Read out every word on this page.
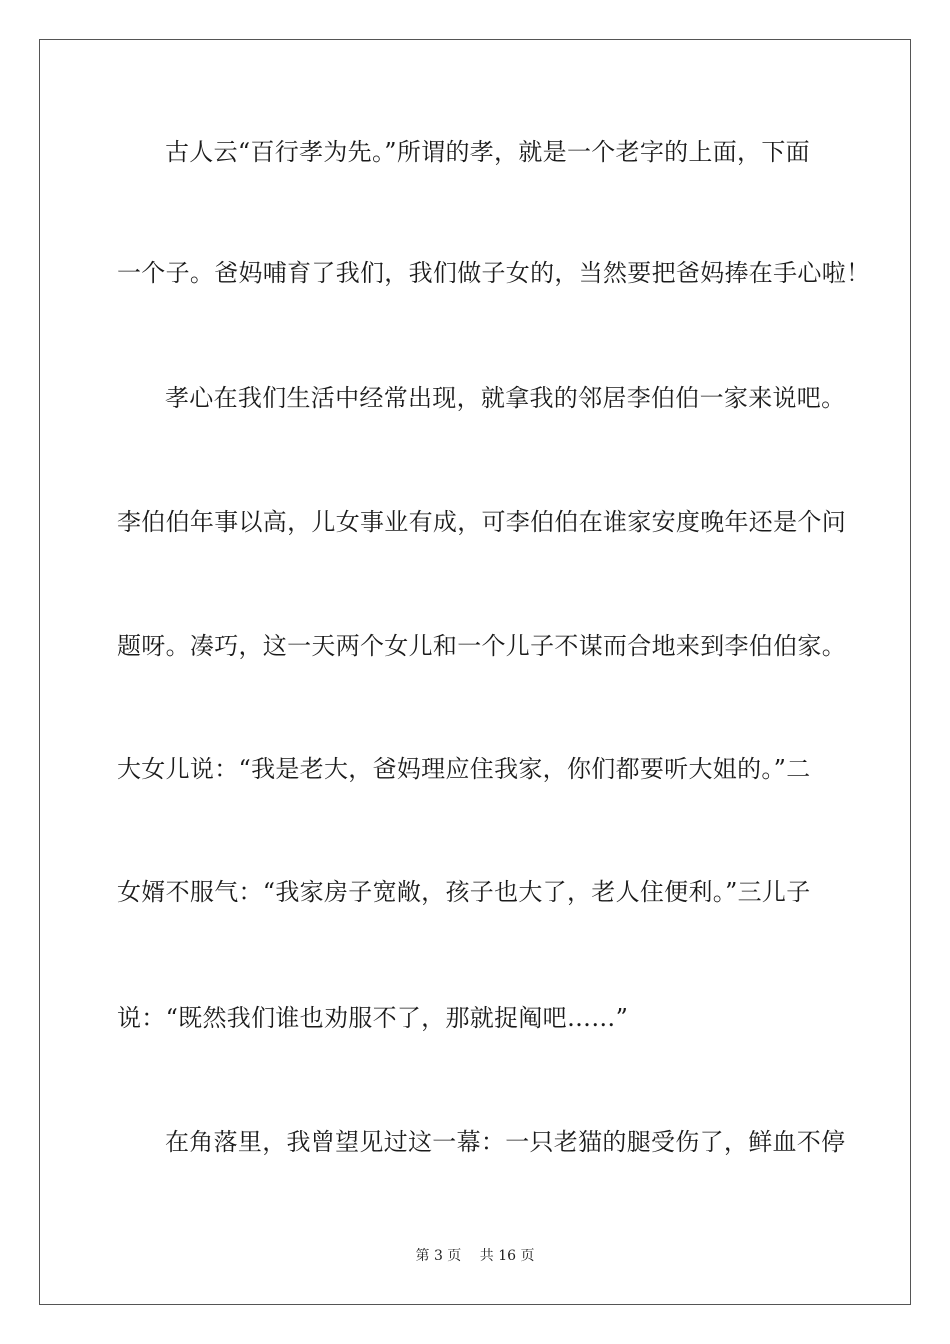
古人云“百行孝为先。”所谓的孝，就是一个老字的上面，下面
一个子。爸妈哺育了我们，我们做子女的，当然要把爸妈捧在手心啦！
孝心在我们生活中经常出现，就拿我的邻居李伯伯一家来说吧。
李伯伯年事以高，儿女事业有成，可李伯伯在谁家安度晚年还是个问
题呀。凑巧，这一天两个女儿和一个儿子不谋而合地来到李伯伯家。
大女儿说：“我是老大，爸妈理应住我家，你们都要听大姐的。”二
女婿不服气：“我家房子宽敞，孩子也大了，老人住便利。”三儿子
说：“既然我们谁也劝服不了，那就捉阄吧……”
在角落里，我曾望见过这一幕：一只老猫的腿受伤了，鲜血不停
第 3 页 共 16 页
